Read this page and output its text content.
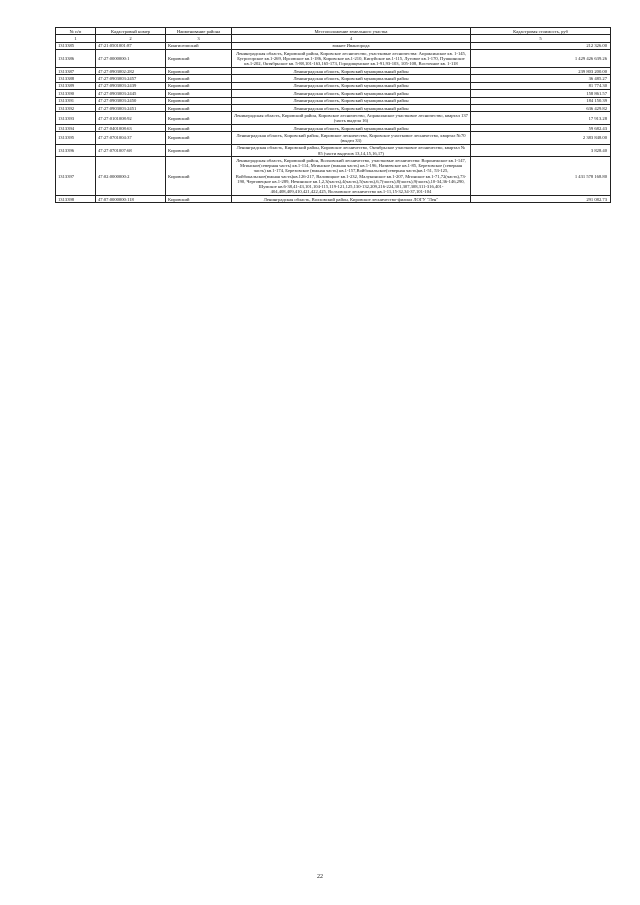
№ п/п	Кадастровый номер	Наименование района	Местоположение земельного участка	Кадастровая стоимость, руб
1	2	3	4	5
1313385	47:21:0501001:87	Кингисеппский	южнее Ивангорода	212 326.00
1313386	47:27:0000000:1	Кировский	Ленинградская область, Кировский район, Кировское лесничество, участковые лесничества: Апраксинское кв. 1-145, Бугрогорское кв.1-269, Ирсовское кв.1-186, Кировское кв.1-210, Кипуйское кв.1-115, Луговое кв.1-170, Пушкинское кв.1-202, Октябрьское кв. 5-88,101-163,165-173, Городищенское кв.1-91,93-103, 105-108, Восточное кв. 1-118	1 429 426 639.26
1313387	47:27:0903002:282	Кировский	Ленинградская область, Кировский муниципальный район	239 803 200.00
1313388	47:27:0903003:2457	Кировский	Ленинградская область, Кировский муниципальный район	36 485.27
1313389	47:27:0903003:2439	Кировский	Ленинградская область, Кировский муниципальный район	81 774.30
1313390	47:27:0903003:2445	Кировский	Ленинградская область, Кировский муниципальный район	158 861.57
1313391	47:27:0903003:2450	Кировский	Ленинградская область, Кировский муниципальный район	184 150.39
1313392	47:27:0903003:2451	Кировский	Ленинградская область, Кировский муниципальный район	636 429.82
1313393	47:27:0101008:92	Кировский	Ленинградская область, Кировский район, Кировское лесничество, Апраксинское участковое лесничество, квартал 137 (часть выдела 16)	17 913.28
1313394	47:27:0401008:63	Кировский	Ленинградская область, Кировский муниципальный район	59 682.43
1313395	47:27:0701004:37	Кировский	Ленинградская область, Кировский район, Кировское лесничество, Кировское участковое лесничество, квартал №70 (выдел 33)	2 383 848.00
1313396	47:27:0701007:68	Кировский	Ленинградская область, Кировский район, Кировское лесничество, Октябрьское участковое лесничество, квартал № 85 (части выделов 13,14,15,16,17)	3 828.40
1313397	47:02:0000000:2	Кировский	Ленинградская область, Кировский район, Волховский лесничество, участковые лесничества: Воронежское кв.1-147, Мгинское(северная часть) кв.1-114, Мгинское (южная часть) кв.1-196, Назиевское кв.1-85, Березовское (северная часть) кв.1-174, Березовское (южная часть) кв.1-157,Войбокальское(северная часть)кв.1-51, 53-125, Войбокальское(южная часть)кв.126-217, Валовицкое кв.1-232, Малукинское кв.1-207, Мгинское кв.1-71,72(часть),73-190, Чертовецкое кв.1-289, Нечинское кв.1,2,3(часть),4(часть),5(часть),6,7(часть),8(часть),9(часть),10-34,36-146,290, Шумское кв.6-38,41-43,101,104-115,119-121,125,130-132,209,216-224,301,307,308,311-316,401-404,408,409,410,421,422,425, Волховское лесничество кв.1-11,15-32,34-37,101-104	1 431 578 168.80
1313398	47:07:0000000:118	Кировский	Ленинградская область, Волховский район, Кировское лесничество-филиал ЛОГУ "Лен"	291 082.73
22
